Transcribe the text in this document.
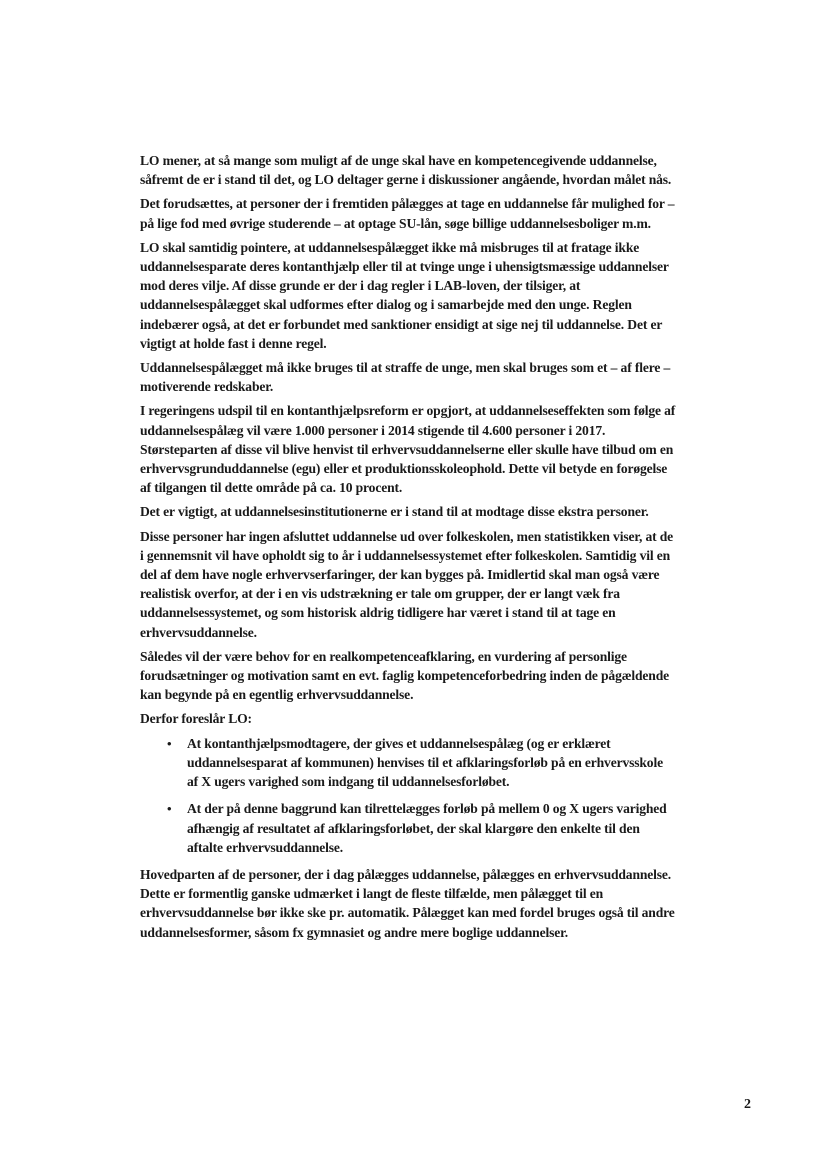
LO mener, at så mange som muligt af de unge skal have en kompetencegivende uddannelse, såfremt de er i stand til det, og LO deltager gerne i diskussioner angående, hvordan målet nås.

Det forudsættes, at personer der i fremtiden pålægges at tage en uddannelse får mulighed for – på lige fod med øvrige studerende – at optage SU-lån, søge billige uddannelsesboliger m.m.

LO skal samtidig pointere, at uddannelsespålægget ikke må misbruges til at fratage ikke uddannelsesparate deres kontanthjælp eller til at tvinge unge i uhensigtsmæssige uddannelser mod deres vilje. Af disse grunde er der i dag regler i LAB-loven, der tilsiger, at uddannelsespålægget skal udformes efter dialog og i samarbejde med den unge. Reglen indebærer også, at det er forbundet med sanktioner ensidigt at sige nej til uddannelse. Det er vigtigt at holde fast i denne regel.

Uddannelsespålægget må ikke bruges til at straffe de unge, men skal bruges som et – af flere – motiverende redskaber.

I regeringens udspil til en kontanthjælpsreform er opgjort, at uddannelseseffekten som følge af uddannelsespålæg vil være 1.000 personer i 2014 stigende til 4.600 personer i 2017. Størsteparten af disse vil blive henvist til erhvervsuddannelserne eller skulle have tilbud om en erhvervsgrunduddannelse (egu) eller et produktionsskoleophold. Dette vil betyde en forøgelse af tilgangen til dette område på ca. 10 procent.

Det er vigtigt, at uddannelsesinstitutionerne er i stand til at modtage disse ekstra personer.

Disse personer har ingen afsluttet uddannelse ud over folkeskolen, men statistikken viser, at de i gennemsnit vil have opholdt sig to år i uddannelsessystemet efter folkeskolen. Samtidig vil en del af dem have nogle erhvervserfaringer, der kan bygges på. Imidlertid skal man også være realistisk overfor, at der i en vis udstrækning er tale om grupper, der er langt væk fra uddannelsessystemet, og som historisk aldrig tidligere har været i stand til at tage en erhvervsuddannelse.

Således vil der være behov for en realkompetenceafklaring, en vurdering af personlige forudsætninger og motivation samt en evt. faglig kompetenceforbedring inden de pågældende kan begynde på en egentlig erhvervsuddannelse.

Derfor foreslår LO:

• At kontanthjælpsmodtagere, der gives et uddannelsespålæg (og er erklæret uddannelsesparat af kommunen) henvises til et afklaringsforløb på en erhvervsskole af X ugers varighed som indgang til uddannelsesforløbet.
• At der på denne baggrund kan tilrettelægges forløb på mellem 0 og X ugers varighed afhængig af resultatet af afklaringsforløbet, der skal klargøre den enkelte til den aftalte erhvervsuddannelse.

Hovedparten af de personer, der i dag pålægges uddannelse, pålægges en erhvervsuddannelse. Dette er formentlig ganske udmærket i langt de fleste tilfælde, men pålægget til en erhvervsuddannelse bør ikke ske pr. automatik. Pålægget kan med fordel bruges også til andre uddannelsesformer, såsom fx gymnasiet og andre mere boglige uddannelser.

2
